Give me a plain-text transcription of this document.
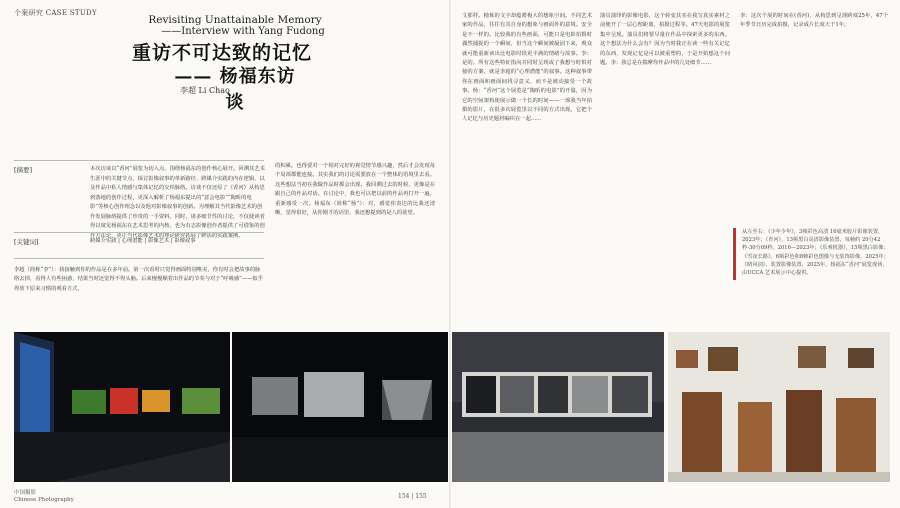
个案研究 CASE STUDY
Revisiting Unattainable Memory
——Interview with Yang Fudong
重访不可达致的记忆
—— 杨福东访谈
李超 Li Chao
[摘要]	本次访谈以“香河”展览为切入点，围绕杨福东的创作核心展开。回溯其艺术生涯中的关键节点，探讨影像叙事的革新路径、跨媒介实践的内在逻辑，以及作品中私人情感与集体记忆的交织脉络。访谈不仅还原了《香河》从构思到落地的创作过程，更深入解析了杨福东提出的“意会电影”“陶昕的电影”等核心创作理念以及他对影像叙事的创新。为理解其当代影像艺术的创作发展脉络提供了珍贵的一手资料。同时，诸多细节性的讨论，不仅使读者得以窥见杨福东在艺术思考的内核，也为有志影像创作者提供了可借鉴的创作方法论，更让当代影像艺术的理论研究拓展了鲜活的实践案例。
[关键词]	跨媒介实践 | 心理潜能 | 影像艺术 | 影像叙事
李超（简称“李”）：我接触到你的作品是在多年前。第一次看时只觉得画面特别唯美，你有时会把故事的脉络去掉，看得人有些困惑，结果当时还觉得不得头脑。后来慢慢顺着出作品的节奏与对于“呼吸感”——似乎得放下原来习惯的观看方式，
的积累。也得要对一个相对完好的视觉情节感兴趣，然后才会发现每个局部都能连接。其实我们的讨论需要放在一个整体的语境里去看。这些想法当初在我做作品时都会出现。我回溯过去的时候，更像是在跟自己的作品对话。在讨论中，我也可以把以前的作品再打开一遍，重新感受一次。杨福东（简称“杨”）：对，感觉你表达的比我还清晰，觉得很好，从你刚才的话里，我还想提到的是人的欲望。
文那样。精炼的文字却蕴蓄极大的想象空间。不同艺术家的作品，往往有其自身的想象与画面外的意境。安全是不一样的。比较我的有些画面，可能只是电影拍摄时偶然捕捉的一个瞬间，但当这个瞬间被凝固下来，观众就可能重新读出比电影时段更丰满的情绪与故事。李：是的。所有这些特征指向并同时呈现或了我想与时俱对接的方案，就是李超的“心理潜能”的叙事。这种叙事带你在画面和画面间找寻意义，而不是被动接受一个故事。杨：“香河”这个展览是“陶昕的电影”的开篇，因为它的空间架构使展示做一个长的时间——一部我当年拍摄的影片，在很多次展览里以不同的方式出现。它把个人记忆与历史题材编织在一起……
演员演绎的影像电影，这个转变其实在我写真实素材之前便开了一层心理距离，拍摄过程等。47天电影的展览集中呈现。演员们将要尽量在作品中探索更多的东西。这个想法为什么会有？因为当时我正在读一些有关记忆的东西，发现记忆是可以被重塑的，于是开始想这个问题。李：我总是在揣摩你作品中的几处细节……
李：这次个展的时间在(香河)，从构思到呈现跨度25年，47个年季节日历完成拍摄，记录成片长度大于1年。
从左至右：《少年少年》，3频彩色高清 16毫米胶片影像装置，2023年；《青河》，13频黑白高清影像装置，每帧约 20分42秒-30分09秒，2016—2023年；《乐观机器》，15频黑白影像；《雪夜长路》，6频彩色和8帧彩色图像与无装饰影像，2025年；《晴风别》，装置影像装置，2025年。杨福东“香河”展览现场，由UCCA 艺术展示中心提供。
中国摄影
Chinese Photography	154 | 155
